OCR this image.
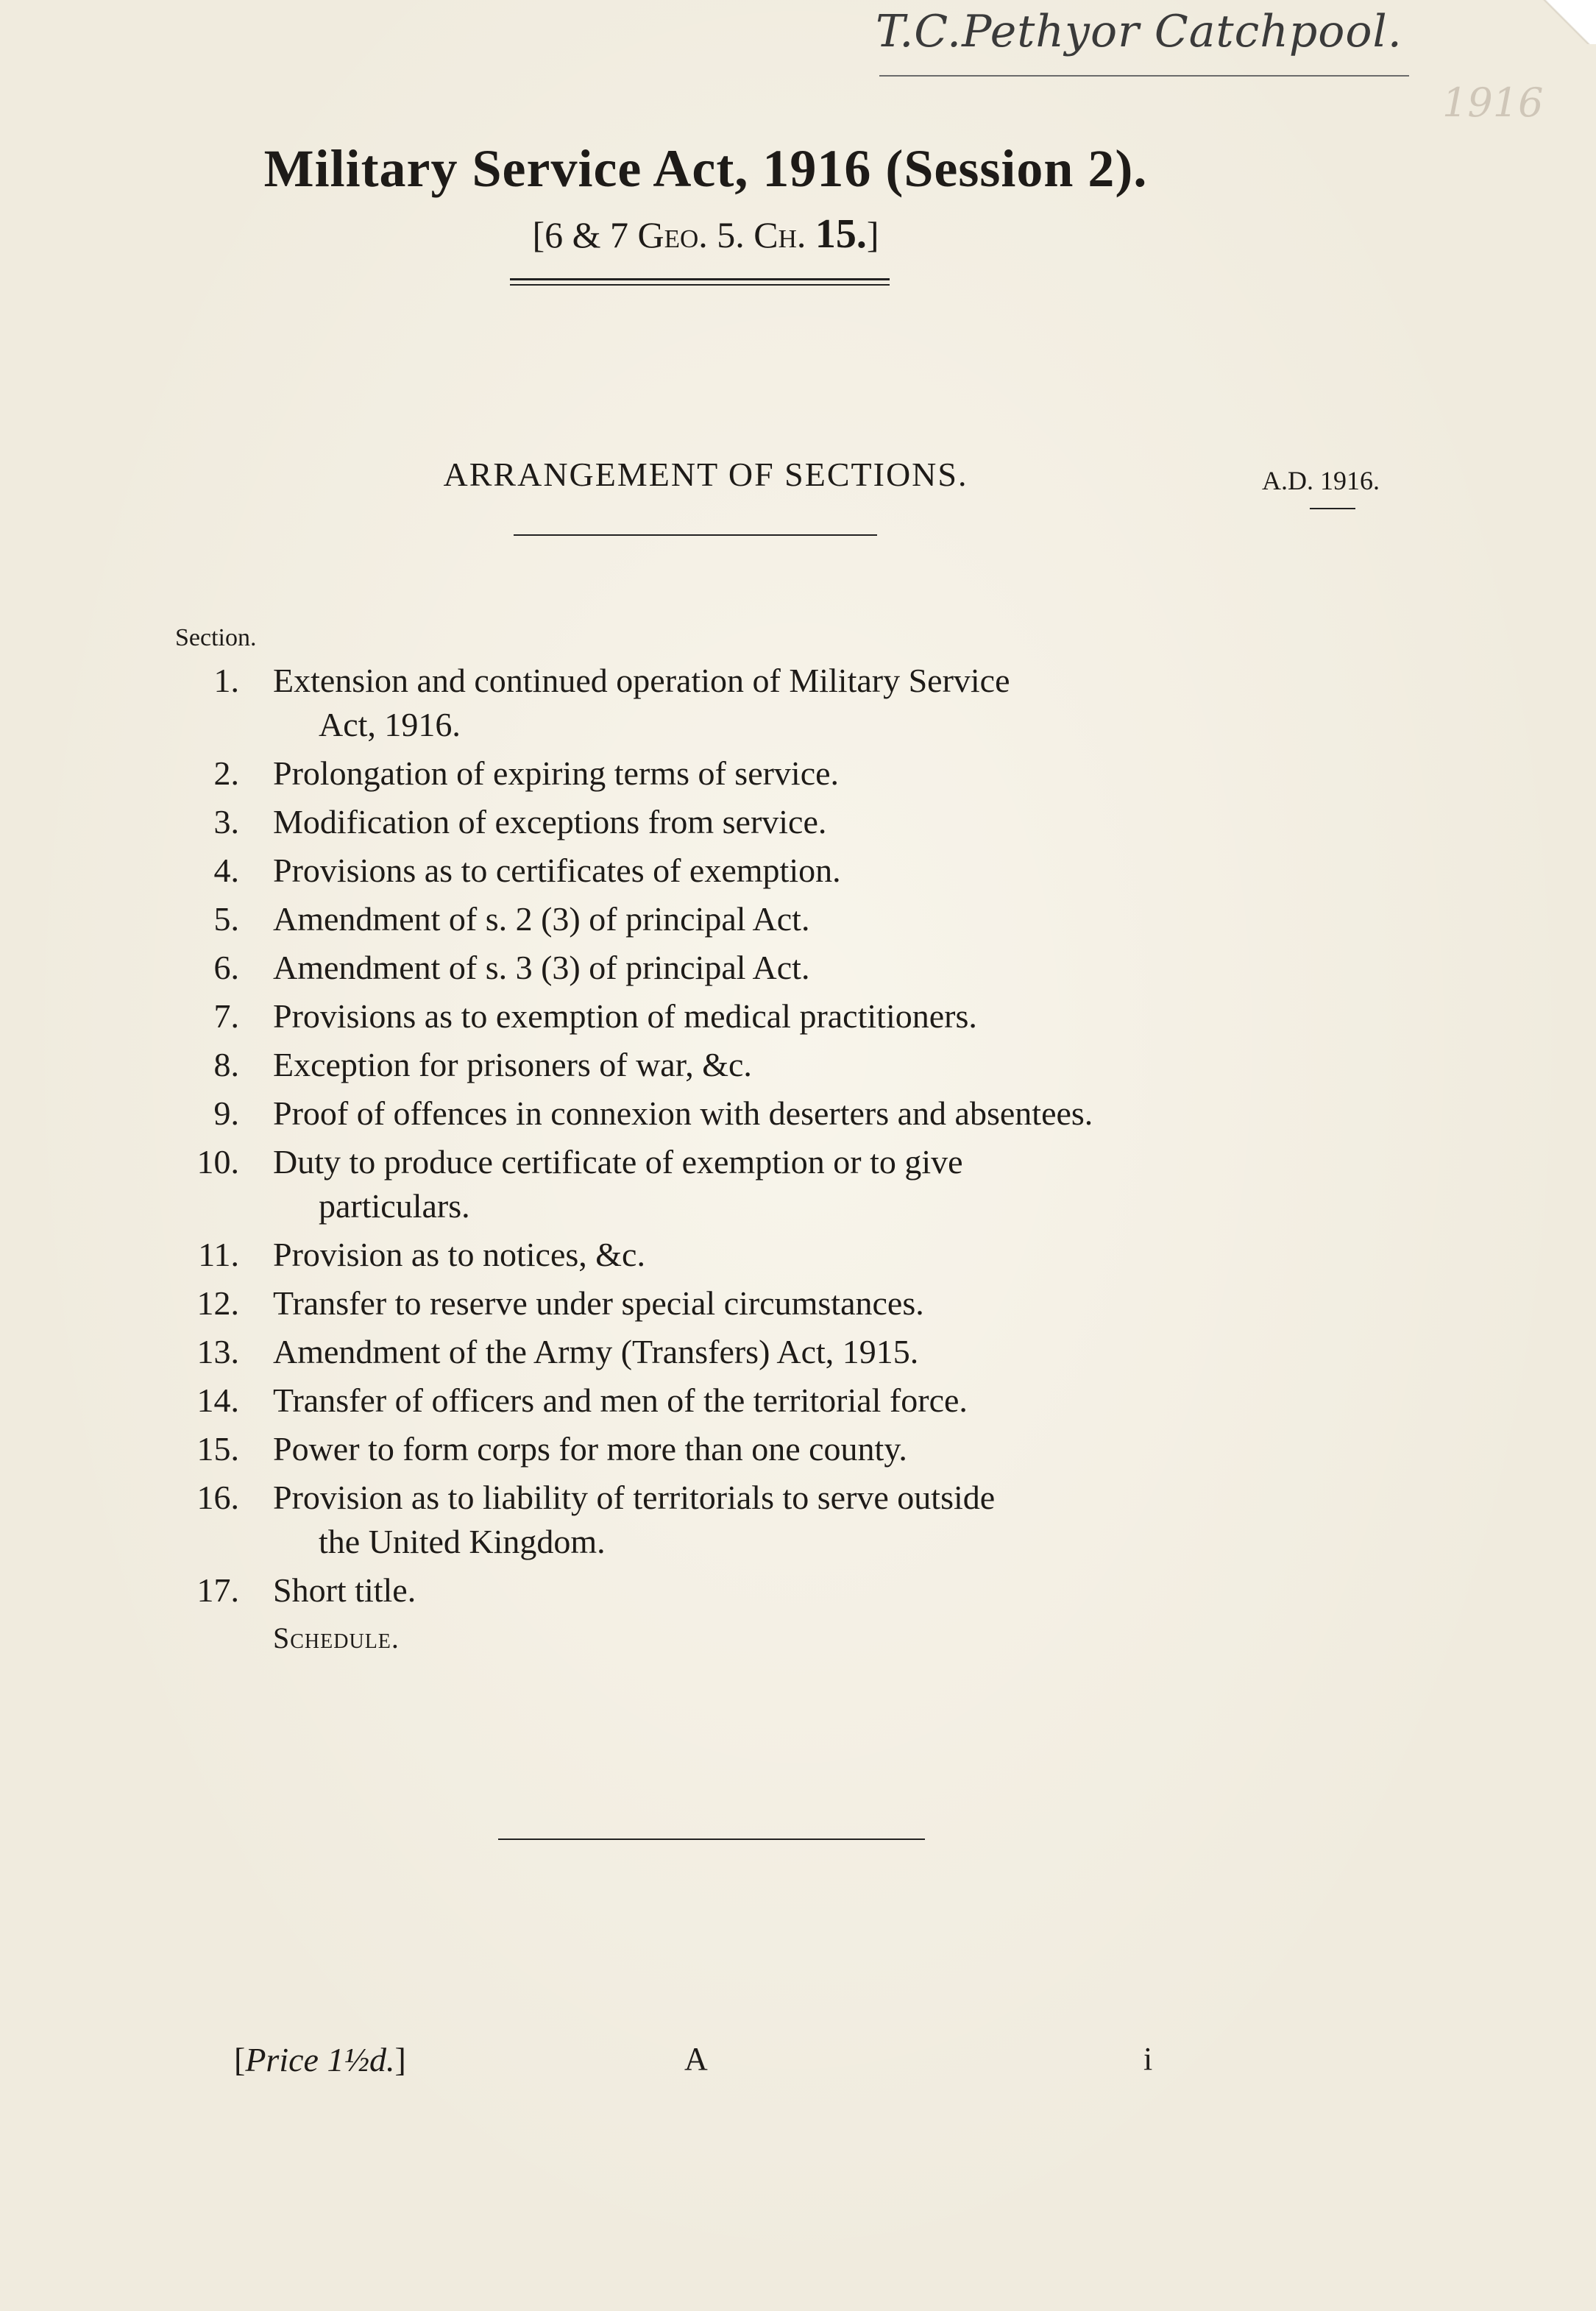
T.C.Pethyor Catchpool.
1916
Military Service Act, 1916 (Session 2).
[6 & 7 Geo. 5. Ch. 15.]
ARRANGEMENT OF SECTIONS.	A.D. 1916.
Section.
1.	Extension and continued operation of Military Service
Act, 1916.
2.	Prolongation of expiring terms of service.
3.	Modification of exceptions from service.
4.	Provisions as to certificates of exemption.
5.	Amendment of s. 2 (3) of principal Act.
6.	Amendment of s. 3 (3) of principal Act.
7.	Provisions as to exemption of medical practitioners.
8.	Exception for prisoners of war, &c.
9.	Proof of offences in connexion with deserters and absentees.
10.	Duty to produce certificate of exemption or to give
particulars.
11.	Provision as to notices, &c.
12.	Transfer to reserve under special circumstances.
13.	Amendment of the Army (Transfers) Act, 1915.
14.	Transfer of officers and men of the territorial force.
15.	Power to form corps for more than one county.
16.	Provision as to liability of territorials to serve outside
the United Kingdom.
17.	Short title.
Schedule.
[Price 1½d.]	A	i
